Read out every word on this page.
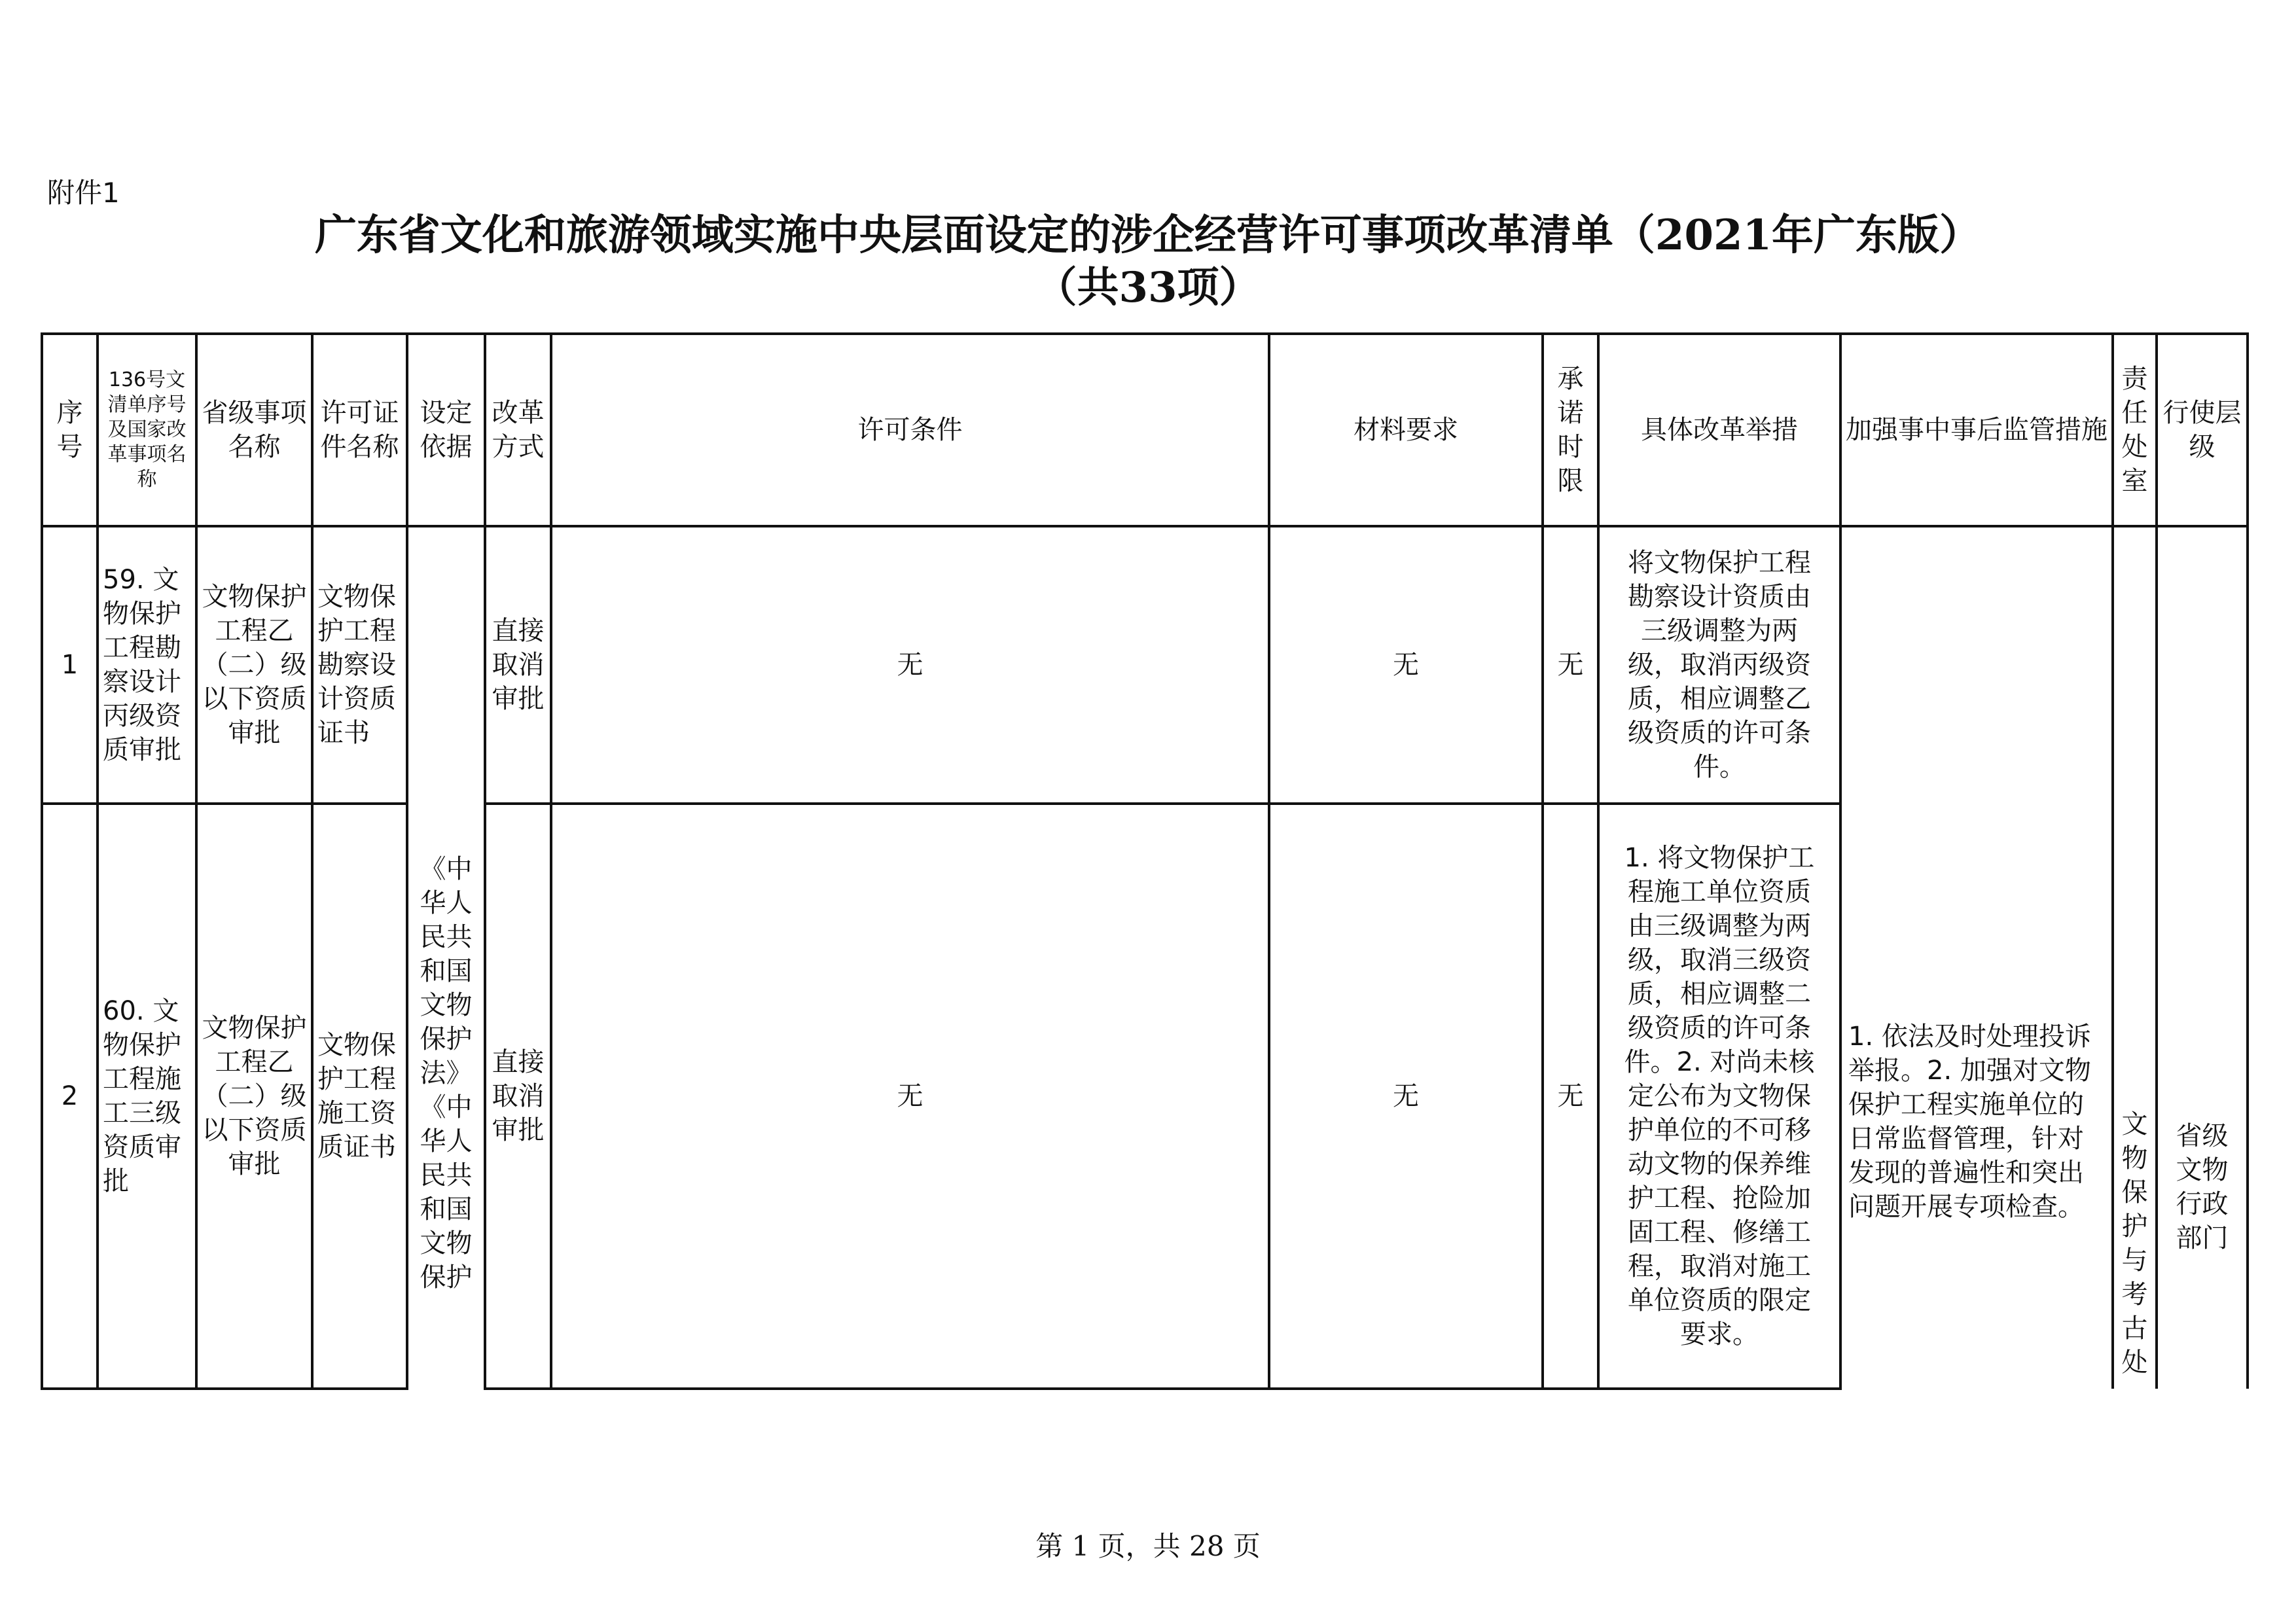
附件1
广东省文化和旅游领域实施中央层面设定的涉企经营许可事项改革清单（2021年广东版）
（共33项）
序号	136号文清单序号及国家改革事项名称	省级事项名称	许可证件名称	设定依据	改革方式	许可条件	材料要求	承诺时限	具体改革举措	加强事中事后监管措施	责任处室	行使层级
1	59. 文物保护工程勘察设计丙级资质审批	文物保护工程乙（二）级以下资质审批	文物保护工程勘察设计资质证书	《中华人民共和国文物保护法》《中华人民共和国文物保护	直接取消审批	无	无	无	将文物保护工程勘察设计资质由三级调整为两级，取消丙级资质，相应调整乙级资质的许可条件。	1. 依法及时处理投诉举报。2. 加强对文物保护工程实施单位的日常监督管理，针对发现的普遍性和突出问题开展专项检查。	文物保护与考古处	省级文物行政部门

2	60. 文物保护工程施工三级资质审批	文物保护工程乙（二）级以下资质审批	文物保护工程施工资质证书		直接取消审批	无	无	无	1. 将文物保护工程施工单位资质由三级调整为两级，取消三级资质，相应调整二级资质的许可条件。2. 对尚未核定公布为文物保护单位的不可移动文物的保养维护工程、抢险加固工程、修缮工程，取消对施工单位资质的限定要求。			
第 1 页，共 28 页
